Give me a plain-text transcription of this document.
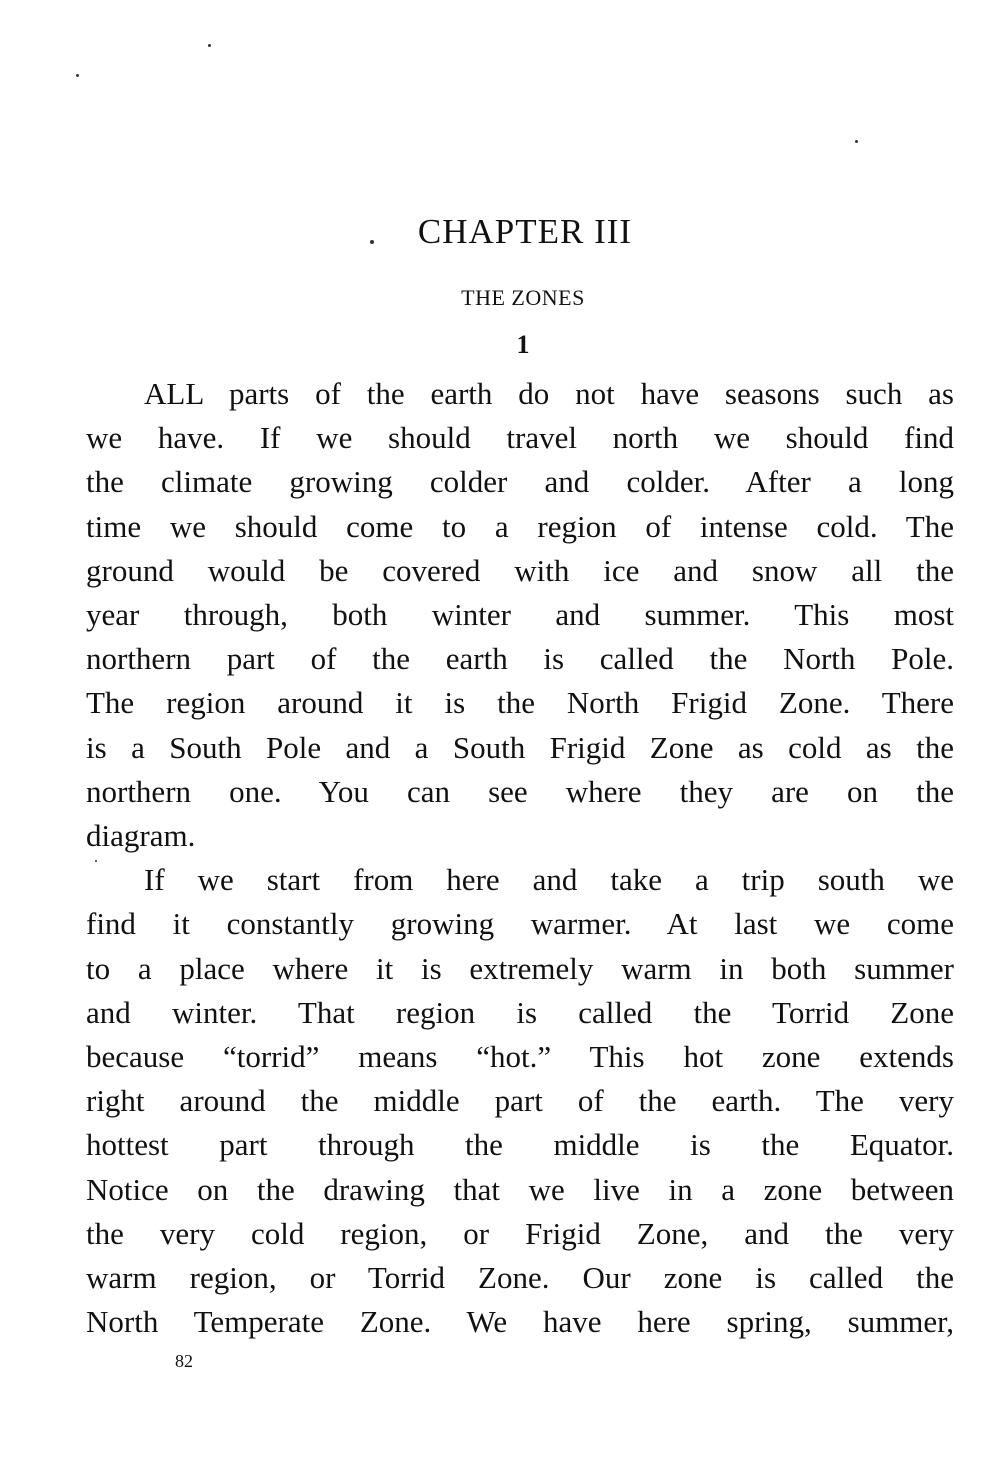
CHAPTER III
THE ZONES
1

ALL parts of the earth do not have seasons such as
we have. If we should travel north we should find
the climate growing colder and colder. After a long
time we should come to a region of intense cold. The
ground would be covered with ice and snow all the
year through, both winter and summer. This most
northern part of the earth is called the North Pole.
The region around it is the North Frigid Zone. There
is a South Pole and a South Frigid Zone as cold as the
northern one. You can see where they are on the
diagram.

If we start from here and take a trip south we
find it constantly growing warmer. At last we come
to a place where it is extremely warm in both summer
and winter. That region is called the Torrid Zone
because “torrid” means “hot.” This hot zone extends
right around the middle part of the earth. The very
hottest part through the middle is the Equator.
Notice on the drawing that we live in a zone between
the very cold region, or Frigid Zone, and the very
warm region, or Torrid Zone. Our zone is called the
North Temperate Zone. We have here spring, summer,

82
